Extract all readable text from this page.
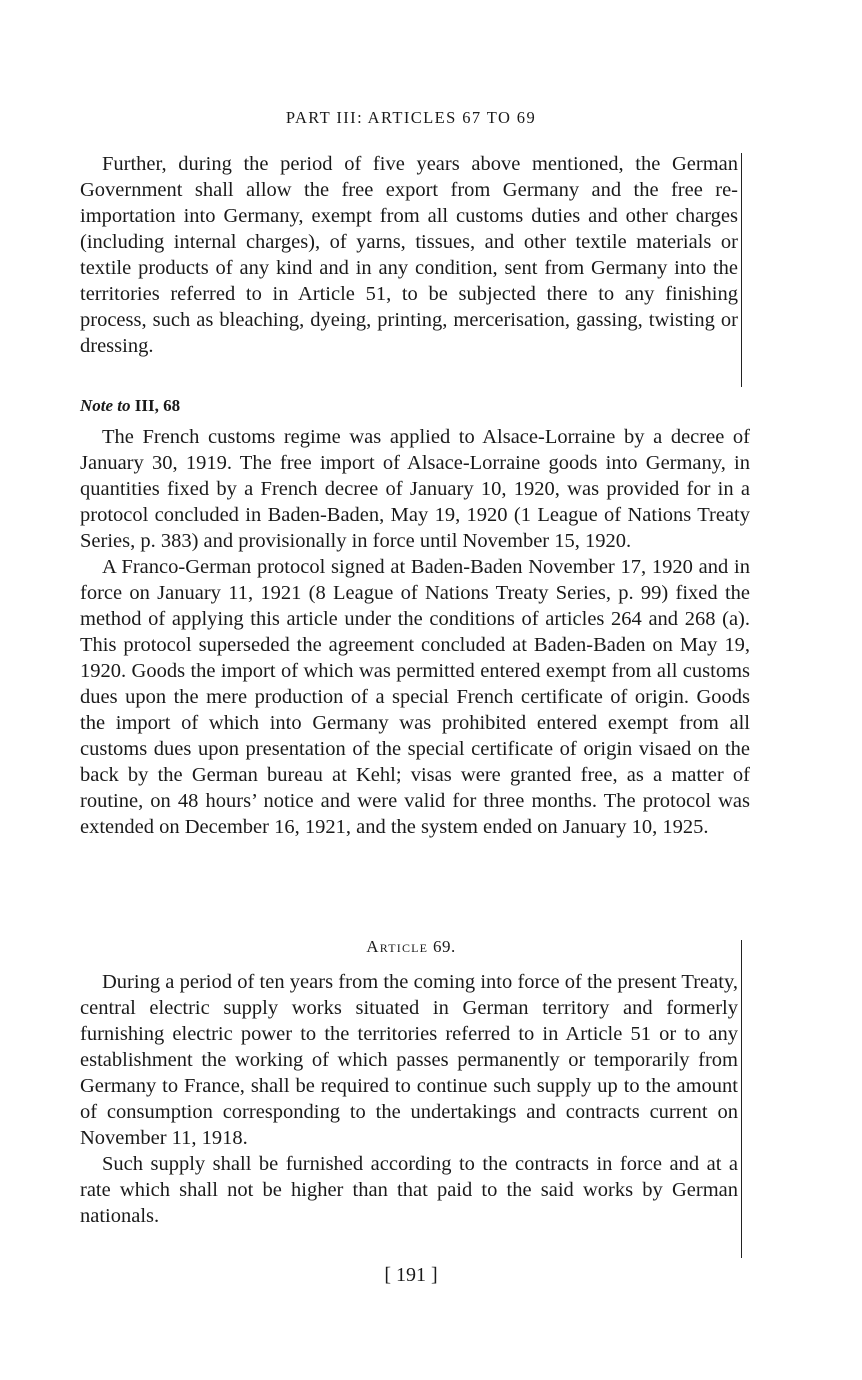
PART III: ARTICLES 67 TO 69

Further, during the period of five years above mentioned, the German Government shall allow the free export from Germany and the free re-importation into Germany, exempt from all customs duties and other charges (including internal charges), of yarns, tissues, and other textile materials or textile products of any kind and in any condition, sent from Germany into the territories referred to in Article 51, to be subjected there to any finishing process, such as bleaching, dyeing, printing, mercerisation, gassing, twisting or dressing.

Note to III, 68

The French customs regime was applied to Alsace-Lorraine by a decree of January 30, 1919. The free import of Alsace-Lorraine goods into Germany, in quantities fixed by a French decree of January 10, 1920, was provided for in a protocol concluded in Baden-Baden, May 19, 1920 (1 League of Nations Treaty Series, p. 383) and provisionally in force until November 15, 1920.

A Franco-German protocol signed at Baden-Baden November 17, 1920 and in force on January 11, 1921 (8 League of Nations Treaty Series, p. 99) fixed the method of applying this article under the conditions of articles 264 and 268 (a). This protocol superseded the agreement concluded at Baden-Baden on May 19, 1920. Goods the import of which was permitted entered exempt from all customs dues upon the mere production of a special French certificate of origin. Goods the import of which into Germany was prohibited entered exempt from all customs dues upon presentation of the special certificate of origin visaed on the back by the German bureau at Kehl; visas were granted free, as a matter of routine, on 48 hours’ notice and were valid for three months. The protocol was extended on December 16, 1921, and the system ended on January 10, 1925.

Article 69.

During a period of ten years from the coming into force of the present Treaty, central electric supply works situated in German territory and formerly furnishing electric power to the territories referred to in Article 51 or to any establishment the working of which passes permanently or temporarily from Germany to France, shall be required to continue such supply up to the amount of consumption corresponding to the undertakings and contracts current on November 11, 1918.

Such supply shall be furnished according to the contracts in force and at a rate which shall not be higher than that paid to the said works by German nationals.

[ 191 ]
